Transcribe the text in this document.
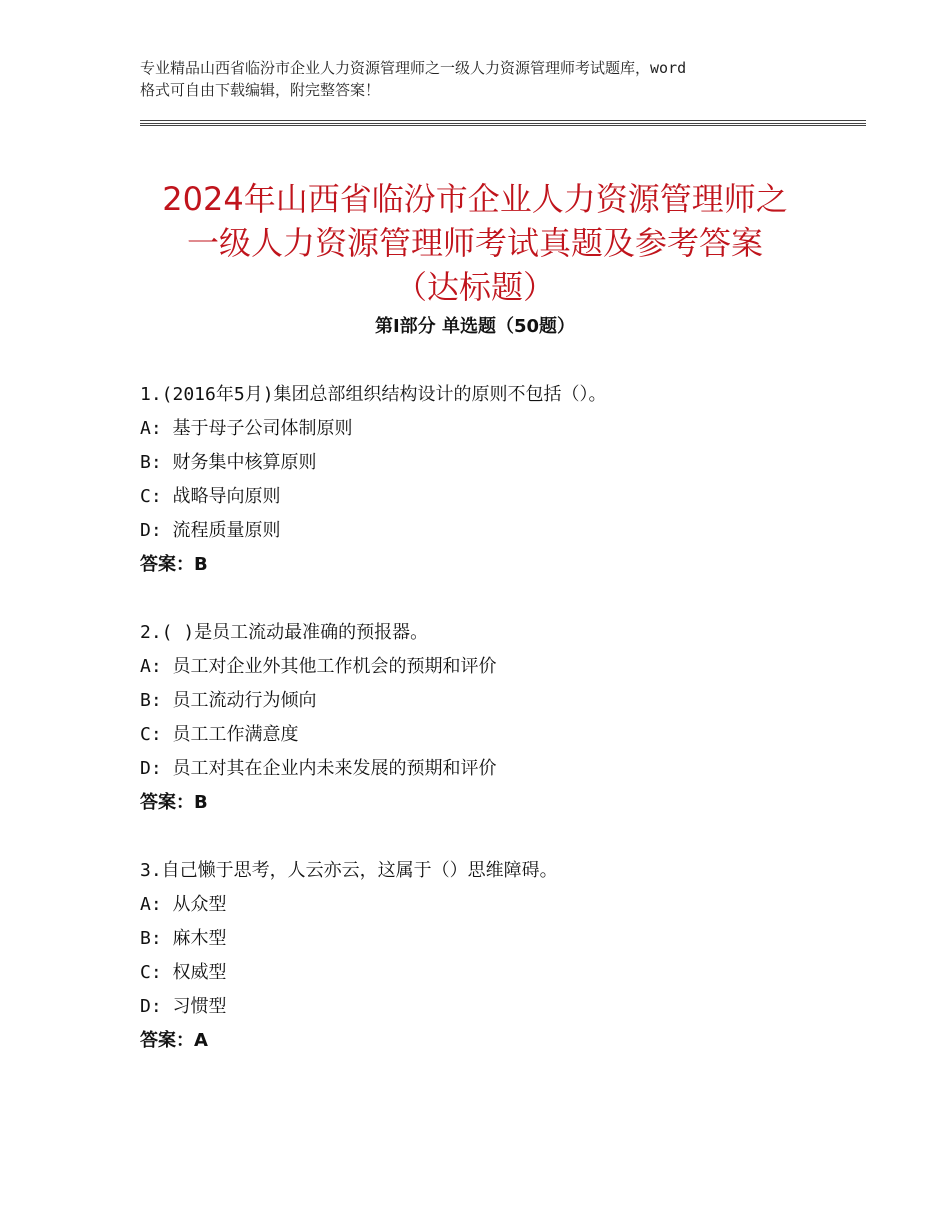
专业精品山西省临汾市企业人力资源管理师之一级人力资源管理师考试题库，word
格式可自由下载编辑，附完整答案！
2024年山西省临汾市企业人力资源管理师之
一级人力资源管理师考试真题及参考答案
（达标题）
第Ⅰ部分 单选题（50题）
1.(2016年5月)集团总部组织结构设计的原则不包括（）。
A: 基于母子公司体制原则
B: 财务集中核算原则
C: 战略导向原则
D: 流程质量原则
答案：B
2.( )是员工流动最准确的预报器。
A: 员工对企业外其他工作机会的预期和评价
B: 员工流动行为倾向
C: 员工工作满意度
D: 员工对其在企业内未来发展的预期和评价
答案：B
3.自己懒于思考，人云亦云，这属于（）思维障碍。
A: 从众型
B: 麻木型
C: 权威型
D: 习惯型
答案：A
